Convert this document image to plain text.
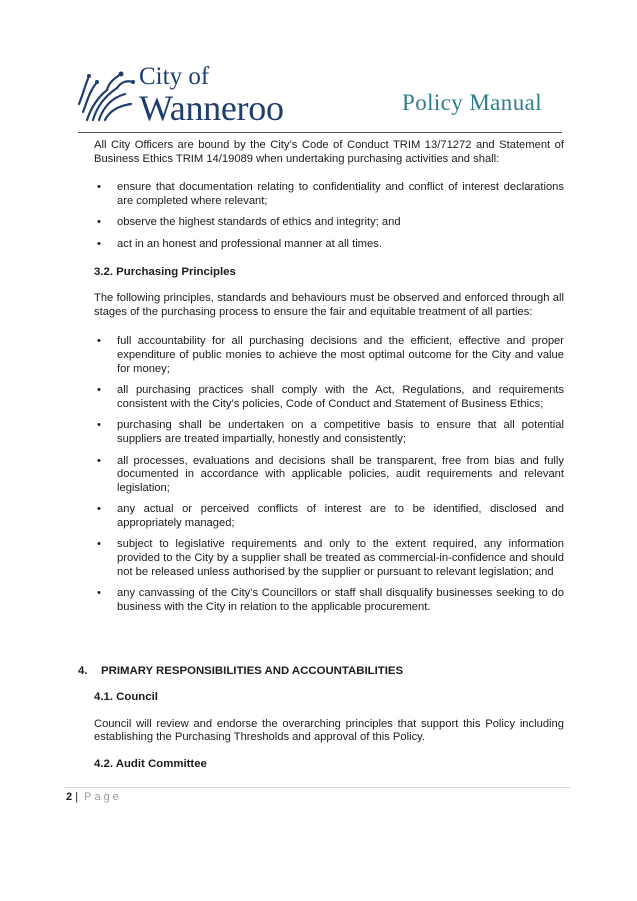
City of
Wanneroo	Policy Manual

All City Officers are bound by the City’s Code of Conduct TRIM 13/71272 and Statement of Business Ethics TRIM 14/19089 when undertaking purchasing activities and shall:

• ensure that documentation relating to confidentiality and conflict of interest declarations are completed where relevant;
• observe the highest standards of ethics and integrity; and
• act in an honest and professional manner at all times.
3.2. Purchasing Principles

The following principles, standards and behaviours must be observed and enforced through all stages of the purchasing process to ensure the fair and equitable treatment of all parties:

• full accountability for all purchasing decisions and the efficient, effective and proper expenditure of public monies to achieve the most optimal outcome for the City and value for money;
• all purchasing practices shall comply with the Act, Regulations, and requirements consistent with the City’s policies, Code of Conduct and Statement of Business Ethics;
• purchasing shall be undertaken on a competitive basis to ensure that all potential suppliers are treated impartially, honestly and consistently;
• all processes, evaluations and decisions shall be transparent, free from bias and fully documented in accordance with applicable policies, audit requirements and relevant legislation;
• any actual or perceived conflicts of interest are to be identified, disclosed and appropriately managed;
• subject to legislative requirements and only to the extent required, any information provided to the City by a supplier shall be treated as commercial-in-confidence and should not be released unless authorised by the supplier or pursuant to relevant legislation; and
• any canvassing of the City’s Councillors or staff shall disqualify businesses seeking to do business with the City in relation to the applicable procurement.
4. PRIMARY RESPONSIBILITIES AND ACCOUNTABILITIES
4.1. Council

Council will review and endorse the overarching principles that support this Policy including establishing the Purchasing Thresholds and approval of this Policy.

4.2. Audit Committee
2 | Page
